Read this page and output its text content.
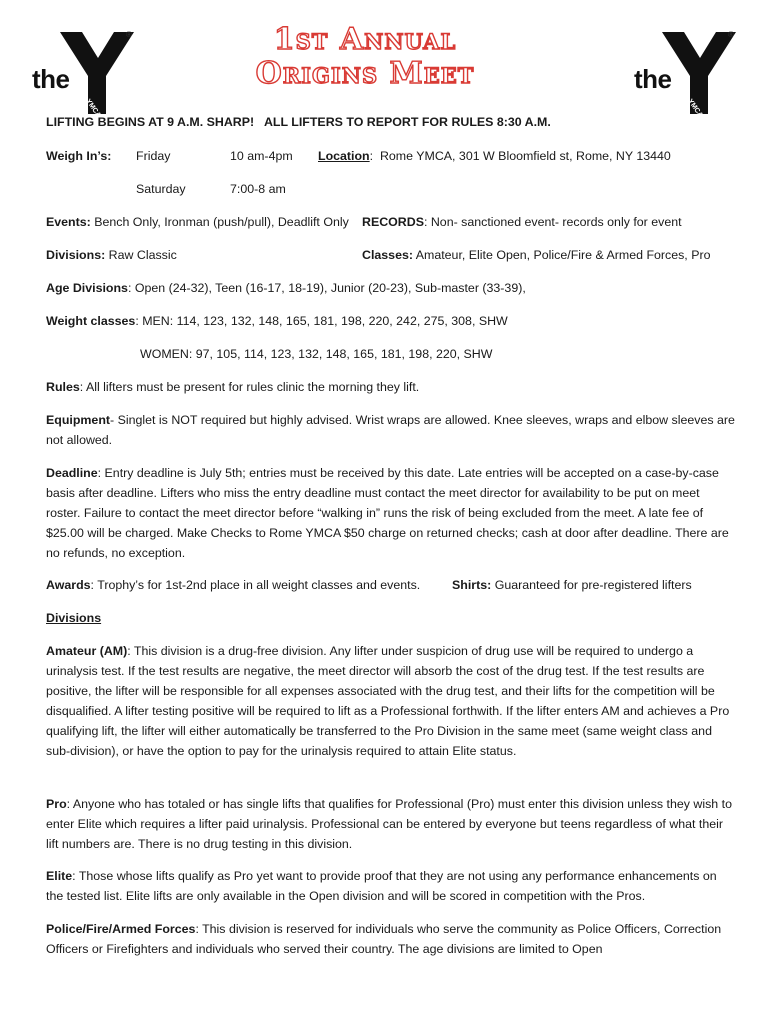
the
YMCA
®	1st Annual
Origins Meet	the
YMCA
®
LIFTING BEGINS AT 9 A.M. SHARP!   ALL LIFTERS TO REPORT FOR RULES 8:30 A.M.
Weigh In’s: Friday	10 am-4pm Location:  Rome YMCA, 301 W Bloomfield st, Rome, NY 13440
Saturday	7:00-8 am
Events: Bench Only, Ironman (push/pull), Deadlift Only RECORDS: Non- sanctioned event- records only for event
Divisions: Raw Classic	Classes: Amateur, Elite Open, Police/Fire & Armed Forces, Pro
Age Divisions: Open (24-32), Teen (16-17, 18-19), Junior (20-23), Sub-master (33-39),
Weight classes: MEN: 114, 123, 132, 148, 165, 181, 198, 220, 242, 275, 308, SHW
WOMEN: 97, 105, 114, 123, 132, 148, 165, 181, 198, 220, SHW
Rules: All lifters must be present for rules clinic the morning they lift.
Equipment- Singlet is NOT required but highly advised. Wrist wraps are allowed. Knee sleeves, wraps and elbow sleeves are not allowed.
Deadline: Entry deadline is July 5th; entries must be received by this date. Late entries will be accepted on a case-by-case basis after deadline. Lifters who miss the entry deadline must contact the meet director for availability to be put on meet roster. Failure to contact the meet director before “walking in” runs the risk of being excluded from the meet. A late fee of $25.00 will be charged. Make Checks to Rome YMCA $50 charge on returned checks; cash at door after deadline. There are no refunds, no exception.
Awards: Trophy’s for 1st-2nd place in all weight classes and events.	Shirts: Guaranteed for pre-registered lifters
Divisions
Amateur (AM): This division is a drug-free division. Any lifter under suspicion of drug use will be required to undergo a urinalysis test. If the test results are negative, the meet director will absorb the cost of the drug test. If the test results are positive, the lifter will be responsible for all expenses associated with the drug test, and their lifts for the competition will be disqualified. A lifter testing positive will be required to lift as a Professional forthwith. If the lifter enters AM and achieves a Pro qualifying lift, the lifter will either automatically be transferred to the Pro Division in the same meet (same weight class and sub-division), or have the option to pay for the urinalysis required to attain Elite status.
Pro: Anyone who has totaled or has single lifts that qualifies for Professional (Pro) must enter this division unless they wish to enter Elite which requires a lifter paid urinalysis. Professional can be entered by everyone but teens regardless of what their lift numbers are. There is no drug testing in this division.
Elite: Those whose lifts qualify as Pro yet want to provide proof that they are not using any performance enhancements on the tested list. Elite lifts are only available in the Open division and will be scored in competition with the Pros.
Police/Fire/Armed Forces: This division is reserved for individuals who serve the community as Police Officers, Correction Officers or Firefighters and individuals who served their country. The age divisions are limited to Open
